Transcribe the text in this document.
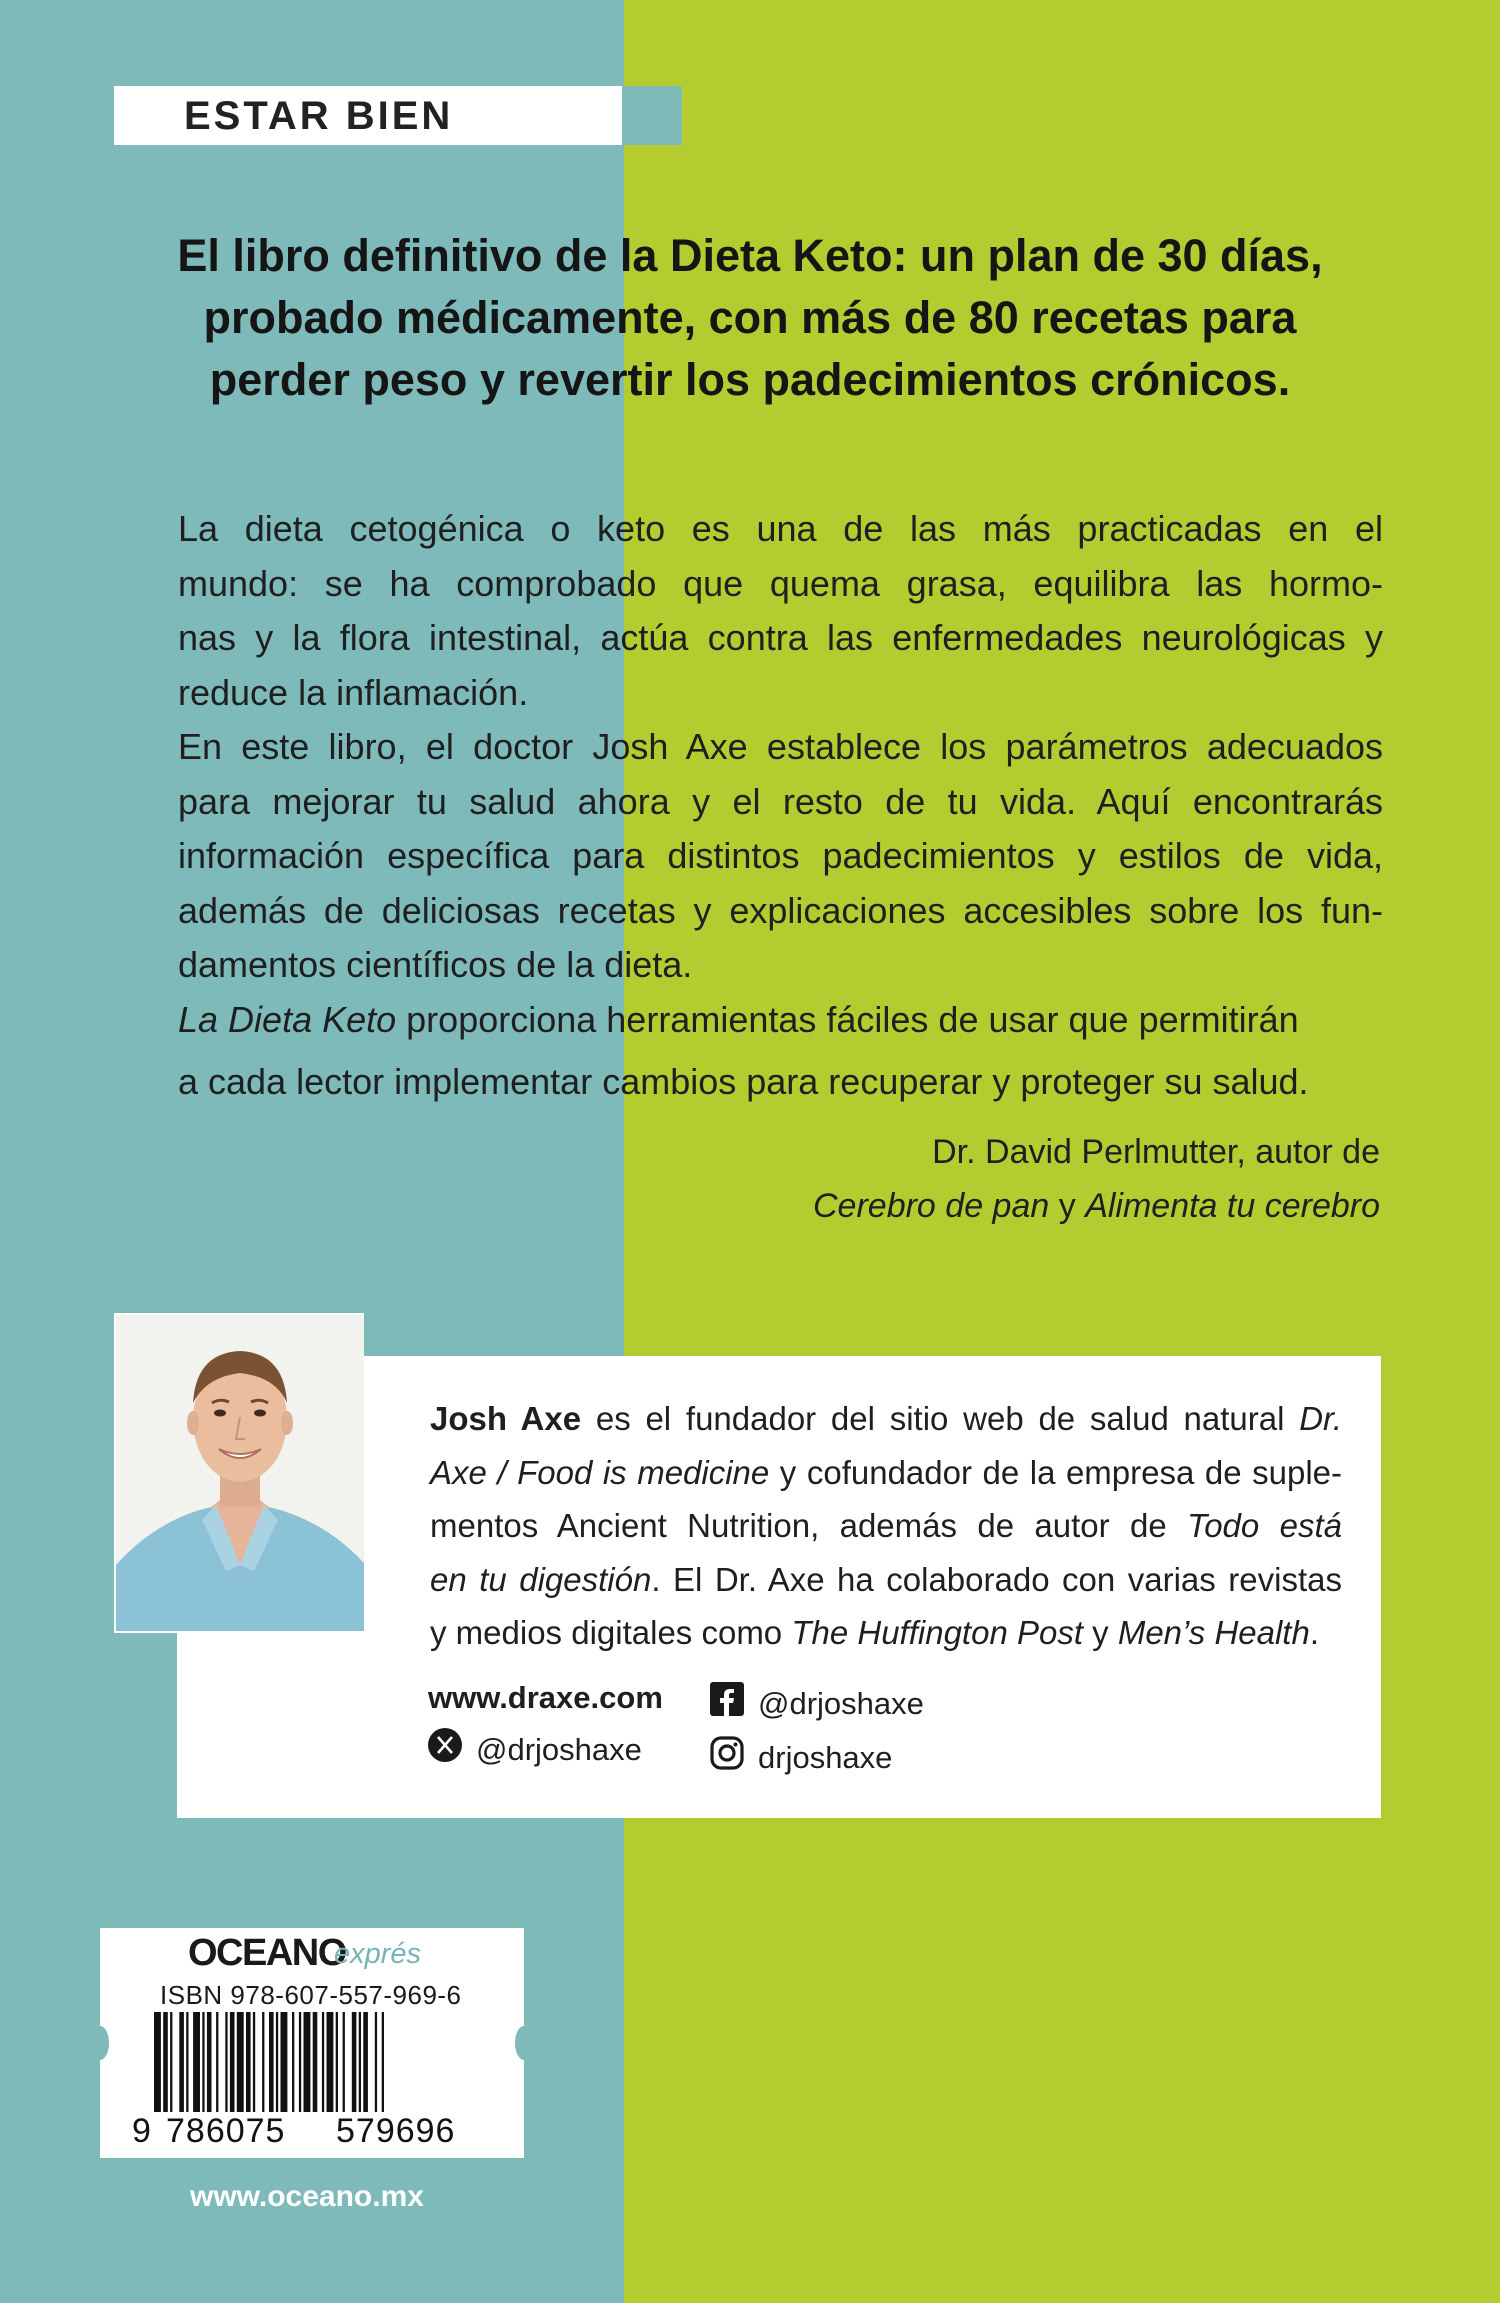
ESTAR BIEN
El libro definitivo de la Dieta Keto: un plan de 30 días,
probado médicamente, con más de 80 recetas para
perder peso y revertir los padecimientos crónicos.
La dieta cetogénica o keto es una de las más practicadas en el
mundo: se ha comprobado que quema grasa, equilibra las hormo-
nas y la flora intestinal, actúa contra las enfermedades neurológicas y
reduce la inflamación.
En este libro, el doctor Josh Axe establece los parámetros adecuados
para mejorar tu salud ahora y el resto de tu vida. Aquí encontrarás
información específica para distintos padecimientos y estilos de vida,
además de deliciosas recetas y explicaciones accesibles sobre los fun-
damentos científicos de la dieta.
La Dieta Keto proporciona herramientas fáciles de usar que permitirán
a cada lector implementar cambios para recuperar y proteger su salud.
Dr. David Perlmutter, autor de
Cerebro de pan y Alimenta tu cerebro
Josh Axe es el fundador del sitio web de salud natural Dr.
Axe / Food is medicine y cofundador de la empresa de suple-
mentos Ancient Nutrition, además de autor de Todo está
en tu digestión. El Dr. Axe ha colaborado con varias revistas
y medios digitales como The Huffington Post y Men’s Health.
www.draxe.com
@drjoshaxe
@drjoshaxe
drjoshaxe
OCEANO
exprés
ISBN 978-607-557-969-6
9 786075 579696
www.oceano.mx
